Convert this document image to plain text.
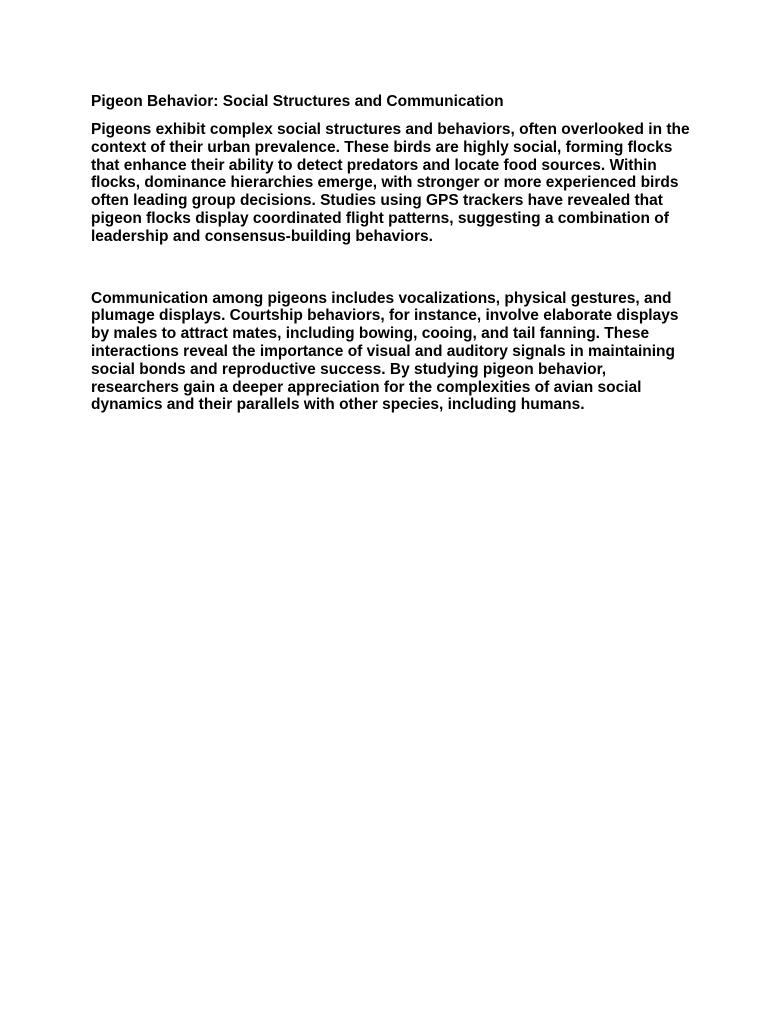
Pigeon Behavior: Social Structures and Communication

Pigeons exhibit complex social structures and behaviors, often overlooked in the context of their urban prevalence. These birds are highly social, forming flocks that enhance their ability to detect predators and locate food sources. Within flocks, dominance hierarchies emerge, with stronger or more experienced birds often leading group decisions. Studies using GPS trackers have revealed that pigeon flocks display coordinated flight patterns, suggesting a combination of leadership and consensus-building behaviors.

Communication among pigeons includes vocalizations, physical gestures, and plumage displays. Courtship behaviors, for instance, involve elaborate displays by males to attract mates, including bowing, cooing, and tail fanning. These interactions reveal the importance of visual and auditory signals in maintaining social bonds and reproductive success. By studying pigeon behavior, researchers gain a deeper appreciation for the complexities of avian social dynamics and their parallels with other species, including humans.
